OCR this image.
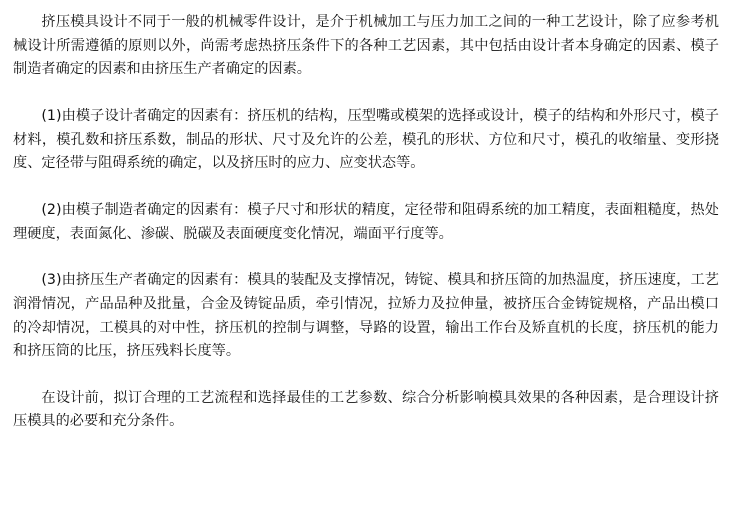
挤压模具设计不同于一般的机械零件设计，是介于机械加工与压力加工之间的一种工艺设计，除了应参考机械设计所需遵循的原则以外，尚需考虑热挤压条件下的各种工艺因素，其中包括由设计者本身确定的因素、模子制造者确定的因素和由挤压生产者确定的因素。

(1)由模子设计者确定的因素有：挤压机的结构，压型嘴或模架的选择或设计，模子的结构和外形尺寸，模子材料，模孔数和挤压系数，制品的形状、尺寸及允许的公差，模孔的形状、方位和尺寸，模孔的收缩量、变形挠度、定径带与阻碍系统的确定，以及挤压时的应力、应变状态等。

(2)由模子制造者确定的因素有：模子尺寸和形状的精度，定径带和阻碍系统的加工精度，表面粗糙度，热处理硬度，表面氮化、渗碳、脱碳及表面硬度变化情况，端面平行度等。

(3)由挤压生产者确定的因素有：模具的装配及支撑情况，铸锭、模具和挤压筒的加热温度，挤压速度，工艺润滑情况，产品品种及批量，合金及铸锭品质，牵引情况，拉矫力及拉伸量，被挤压合金铸锭规格，产品出模口的冷却情况，工模具的对中性，挤压机的控制与调整，导路的设置，输出工作台及矫直机的长度，挤压机的能力和挤压筒的比压，挤压残料长度等。

在设计前，拟订合理的工艺流程和选择最佳的工艺参数、综合分析影响模具效果的各种因素，是合理设计挤压模具的必要和充分条件。
